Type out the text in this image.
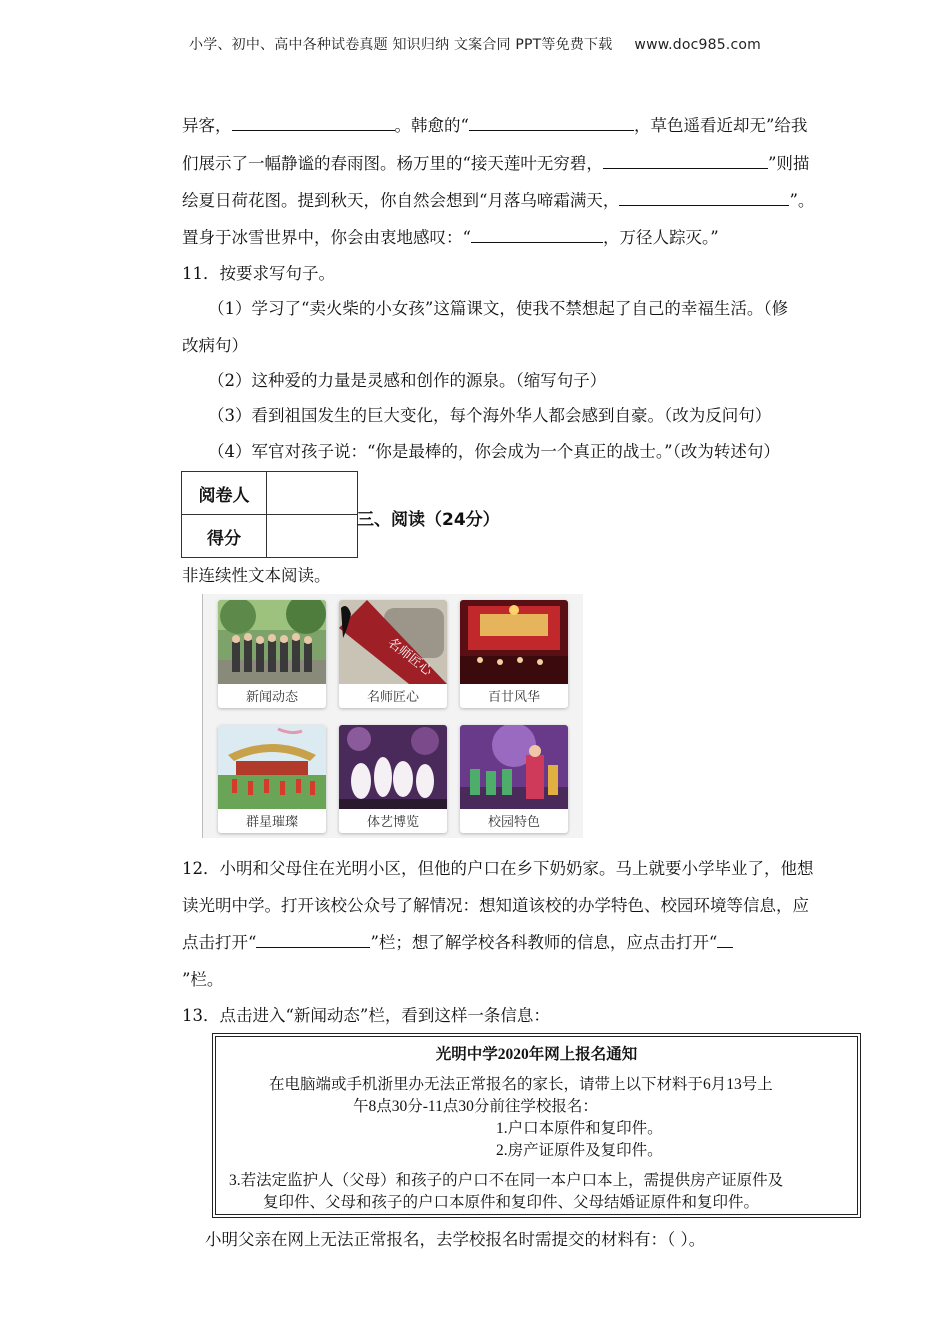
小学、初中、高中各种试卷真题 知识归纳 文案合同 PPT等免费下载 www.doc985.com
异客，	。韩愈的“	，草色遥看近却无”给我
们展示了一幅静谧的春雨图。杨万里的“接天莲叶无穷碧，	”则描
绘夏日荷花图。提到秋天，你自然会想到“月落乌啼霜满天，	”。
置身于冰雪世界中，你会由衷地感叹：“	，万径人踪灭。”
11．按要求写句子。
（1）学习了“卖火柴的小女孩”这篇课文，使我不禁想起了自己的幸福生活。（修
改病句）
（2）这种爱的力量是灵感和创作的源泉。（缩写句子）
（3）看到祖国发生的巨大变化，每个海外华人都会感到自豪。（改为反问句）
（4）军官对孩子说：“你是最棒的，你会成为一个真正的战士。”（改为转述句）
阅卷人	
得分	
三、阅读（24分）
非连续性文本阅读。
新闻动态
名师匠心
名师匠心	百廿风华
群星璀璨	体艺博览	校园特色
12．小明和父母住在光明小区，但他的户口在乡下奶奶家。马上就要小学毕业了，他想
读光明中学。打开该校公众号了解情况：想知道该校的办学特色、校园环境等信息，应
点击打开“	”栏；想了解学校各科教师的信息，应点击打开“
”栏。
13．点击进入“新闻动态”栏，看到这样一条信息：
光明中学2020年网上报名通知
在电脑端或手机浙里办无法正常报名的家长，请带上以下材料于6月13号上
午8点30分-11点30分前往学校报名：
1.户口本原件和复印件。
2.房产证原件及复印件。
3.若法定监护人（父母）和孩子的户口不在同一本户口本上，需提供房产证原件及
复印件、父母和孩子的户口本原件和复印件、父母结婚证原件和复印件。
小明父亲在网上无法正常报名，去学校报名时需提交的材料有：（ ）。
